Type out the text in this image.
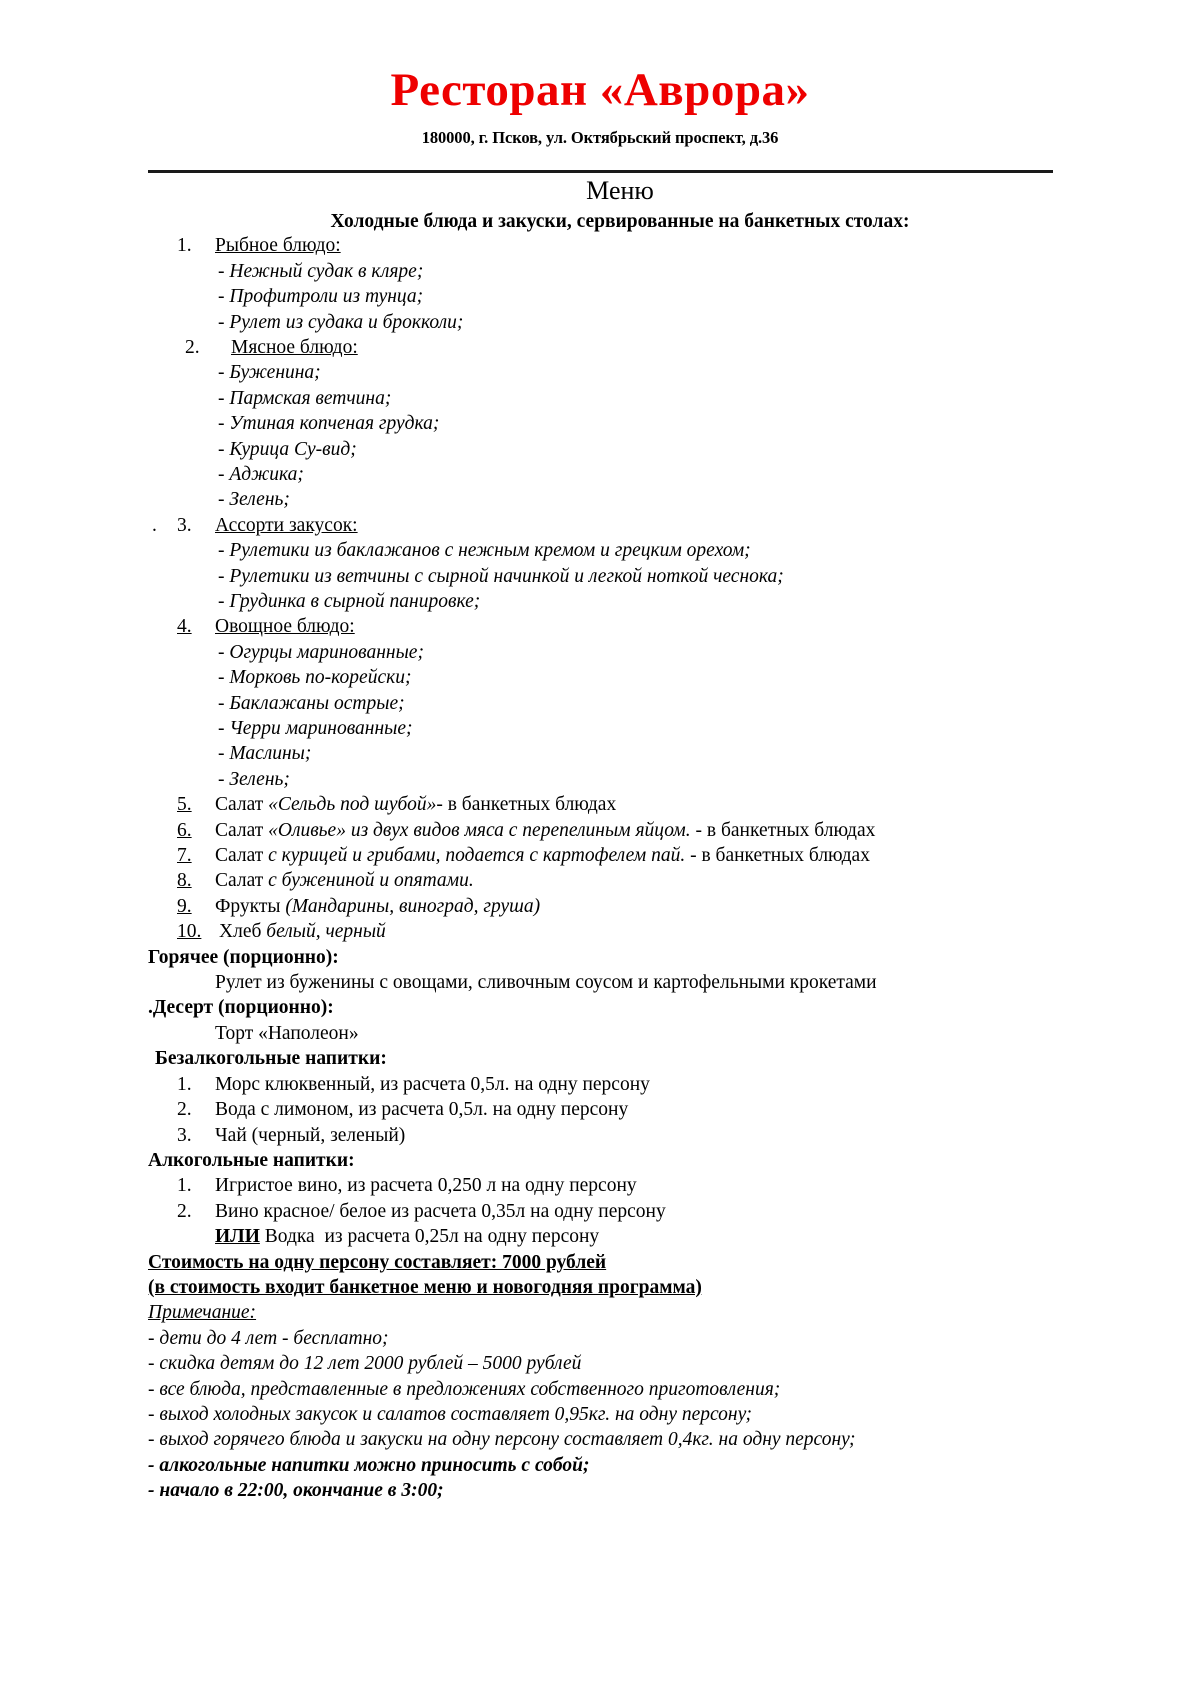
Ресторан «Аврора»
180000, г. Псков, ул. Октябрьский проспект, д.36
Меню
Холодные блюда и закуски, сервированные на банкетных столах:
1. Рыбное блюдо:
- Нежный судак в кляре;
- Профитроли из тунца;
- Рулет из судака и брокколи;
2. Мясное блюдо:
- Буженина;
- Пармская ветчина;
- Утиная копченая грудка;
- Курица Су-вид;
- Аджика;
- Зелень;
. 3. Ассорти закусок:
- Рулетики из баклажанов с нежным кремом и грецким орехом;
- Рулетики из ветчины с сырной начинкой и легкой ноткой чеснока;
- Грудинка в сырной панировке;
4. Овощное блюдо:
- Огурцы маринованные;
- Морковь по-корейски;
- Баклажаны острые;
- Черри маринованные;
- Маслины;
- Зелень;
5. Салат «Сельдь под шубой»- в банкетных блюдах
6. Салат «Оливье» из двух видов мяса с перепелиным яйцом. - в банкетных блюдах
7. Салат с курицей и грибами, подается с картофелем пай. - в банкетных блюдах
8. Салат с бужениной и опятами.
9. Фрукты (Мандарины, виноград, груша)
10. Хлеб белый, черный
Горячее (порционно):
Рулет из буженины с овощами, сливочным соусом и картофельными крокетами
.Десерт (порционно):
Торт «Наполеон»
Безалкогольные напитки:
1. Морс клюквенный, из расчета 0,5л. на одну персону
2. Вода с лимоном, из расчета 0,5л. на одну персону
3. Чай (черный, зеленый)
Алкогольные напитки:
1. Игристое вино, из расчета 0,250 л на одну персону
2. Вино красное/ белое из расчета 0,35л на одну персону
ИЛИ Водка  из расчета 0,25л на одну персону
Стоимость на одну персону составляет: 7000 рублей
(в стоимость входит банкетное меню и новогодняя программа)
Примечание:
- дети до 4 лет - бесплатно;
- скидка детям до 12 лет 2000 рублей – 5000 рублей
- все блюда, представленные в предложениях собственного приготовления;
- выход холодных закусок и салатов составляет 0,95кг. на одну персону;
- выход горячего блюда и закуски на одну персону составляет 0,4кг. на одну персону;
- алкогольные напитки можно приносить с собой;
- начало в 22:00, окончание в 3:00;
